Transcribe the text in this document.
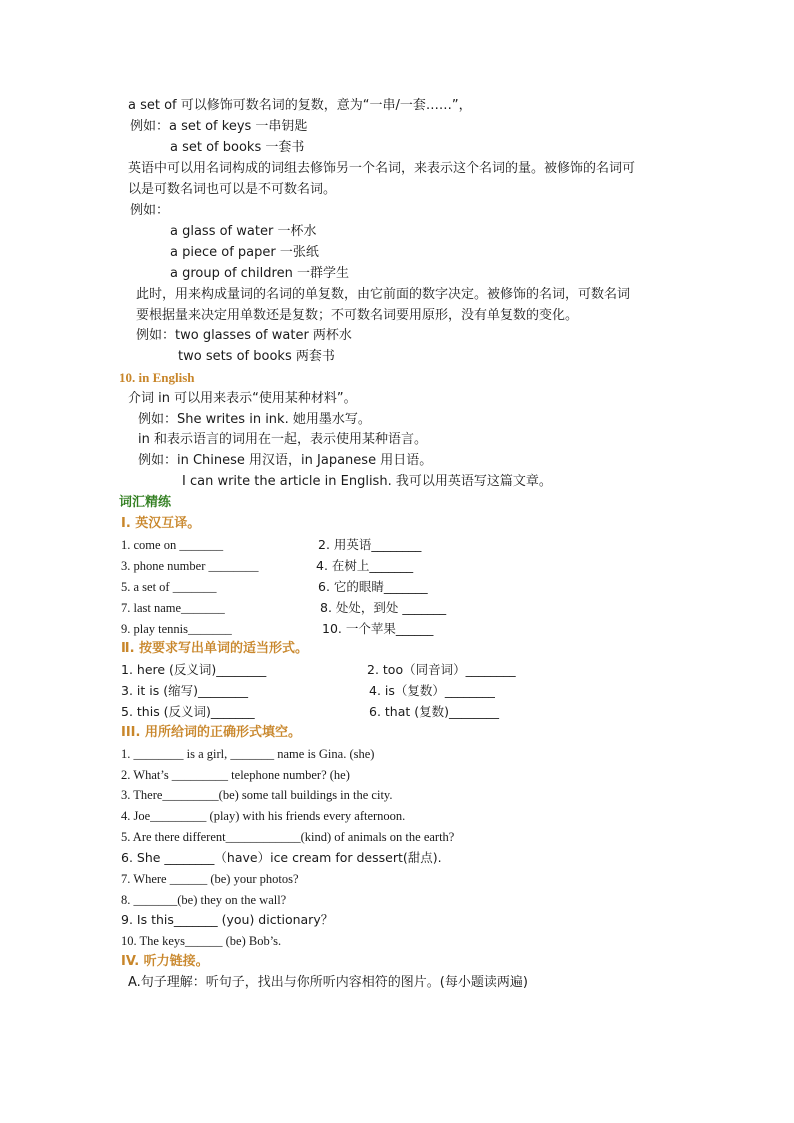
a set of 可以修饰可数名词的复数，意为“一串/一套……”，
例如：a set of keys 一串钥匙
a set of books 一套书
英语中可以用名词构成的词组去修饰另一个名词，来表示这个名词的量。被修饰的名词可
以是可数名词也可以是不可数名词。
例如：
a glass of water 一杯水
a piece of paper 一张纸
a group of children 一群学生
此时，用来构成量词的名词的单复数，由它前面的数字决定。被修饰的名词，可数名词
要根据量来决定用单数还是复数；不可数名词要用原形，没有单复数的变化。
例如：two glasses of water 两杯水
two sets of books 两套书
10. in English
介词 in 可以用来表示“使用某种材料”。
例如：She writes in ink. 她用墨水写。
in 和表示语言的词用在一起，表示使用某种语言。
例如：in Chinese 用汉语，in Japanese 用日语。
I can write the article in English. 我可以用英语写这篇文章。
词汇精练
Ⅰ. 英汉互译。
1. come on _______	2. 用英语________
3. phone number ________	4. 在树上_______
5. a set of _______	6. 它的眼睛_______
7. last name_______	8. 处处，到处 _______
9. play tennis_______	10. 一个苹果______
Ⅱ. 按要求写出单词的适当形式。
1. here (反义词)________	2. too（同音词）________
3. it is (缩写)________	4. is（复数）________
5. this (反义词)_______	6. that (复数)________
III. 用所给词的正确形式填空。
1. ________ is a girl, _______ name is Gina. (she)
2. What’s _________ telephone number? (he)
3. There_________(be) some tall buildings in the city.
4. Joe_________ (play) with his friends every afternoon.
5. Are there different____________(kind) of animals on the earth?
6. She ________（have）ice cream for dessert(甜点).
7. Where ______ (be) your photos?
8. _______(be) they on the wall?
9. Is this_______ (you) dictionary？
10. The keys______ (be) Bob’s.
IV. 听力链接。
A.句子理解：听句子，找出与你所听内容相符的图片。(每小题读两遍)
